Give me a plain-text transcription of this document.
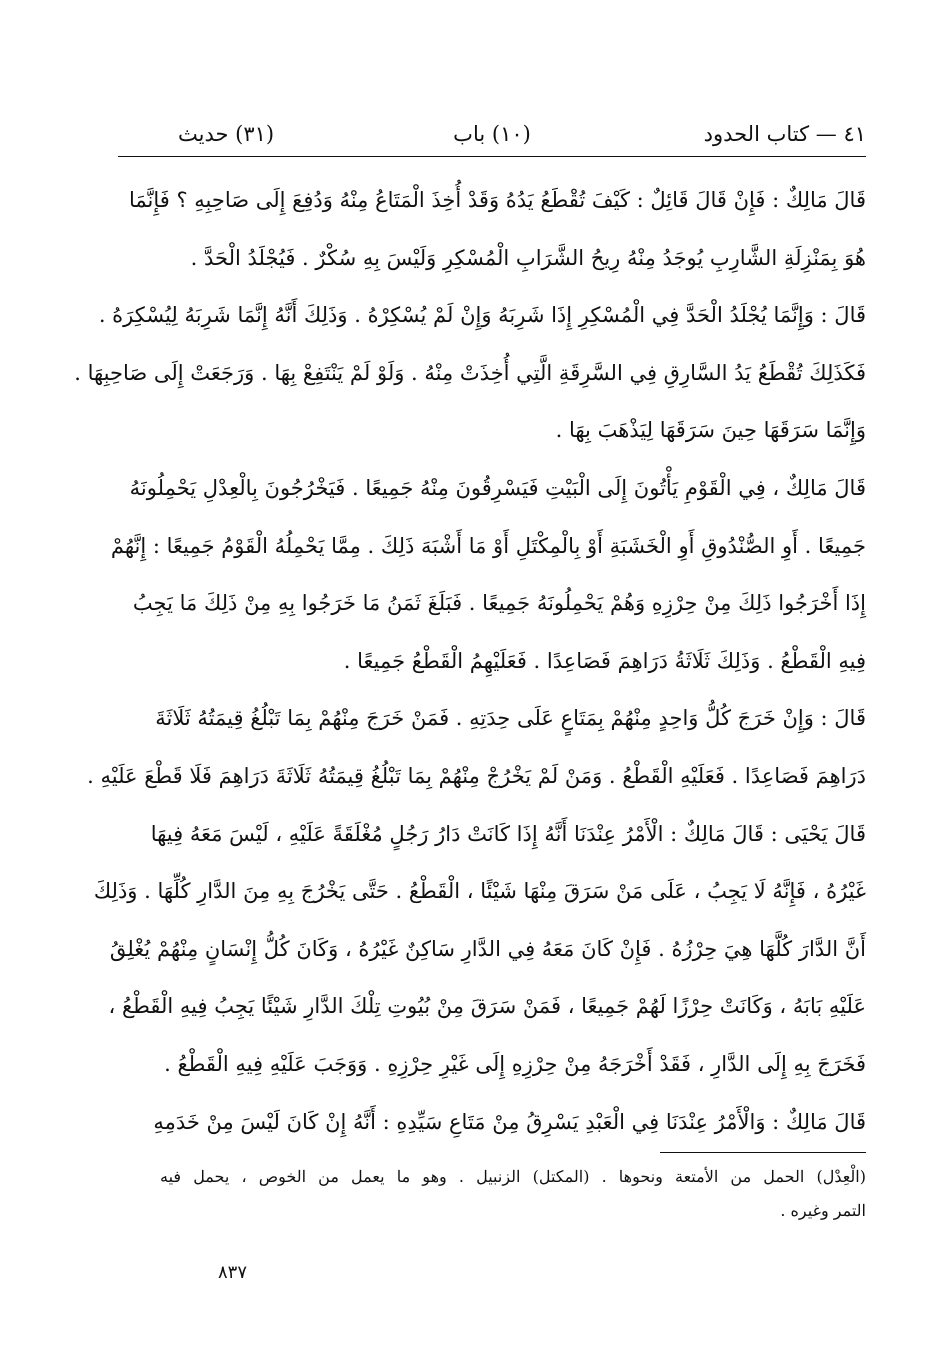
٤١ — كتاب الحدود
(١٠) باب
(٣١) حديث
قَالَ مَالِكٌ : فَإِنْ قَالَ قَائِلٌ : كَيْفَ تُقْطَعُ يَدُهُ وَقَدْ أُخِذَ الْمَتَاعُ مِنْهُ وَدُفِعَ إِلَى صَاحِبِهِ ؟ فَإِنَّمَا
هُوَ بِمَنْزِلَةِ الشَّارِبِ يُوجَدُ مِنْهُ رِيحُ الشَّرَابِ الْمُسْكِرِ وَلَيْسَ بِهِ سُكْرٌ . فَيُجْلَدُ الْحَدَّ .
قَالَ : وَإِنَّمَا يُجْلَدُ الْحَدَّ فِي الْمُسْكِرِ إِذَا شَرِبَهُ وَإِنْ لَمْ يُسْكِرْهُ . وَذَلِكَ أَنَّهُ إِنَّمَا شَرِبَهُ لِيُسْكِرَهُ .
فَكَذَلِكَ تُقْطَعُ يَدُ السَّارِقِ فِي السَّرِقَةِ الَّتِي أُخِذَتْ مِنْهُ . وَلَوْ لَمْ يَنْتَفِعْ بِهَا . وَرَجَعَتْ إِلَى صَاحِبِهَا .
وَإِنَّمَا سَرَقَهَا حِينَ سَرَقَهَا لِيَذْهَبَ بِهَا .
قَالَ مَالِكٌ ، فِي الْقَوْمِ يَأْتُونَ إِلَى الْبَيْتِ فَيَسْرِقُونَ مِنْهُ جَمِيعًا . فَيَخْرُجُونَ بِالْعِدْلِ يَحْمِلُونَهُ
جَمِيعًا . أَوِ الصُّنْدُوقِ أَوِ الْخَشَبَةِ أَوْ بِالْمِكْتَلِ أَوْ مَا أَشْبَهَ ذَلِكَ . مِمَّا يَحْمِلُهُ الْقَوْمُ جَمِيعًا : إِنَّهُمْ
إِذَا أَخْرَجُوا ذَلِكَ مِنْ حِرْزِهِ وَهُمْ يَحْمِلُونَهُ جَمِيعًا . فَبَلَغَ ثَمَنُ مَا خَرَجُوا بِهِ مِنْ ذَلِكَ مَا يَجِبُ
فِيهِ الْقَطْعُ . وَذَلِكَ ثَلَاثَةُ دَرَاهِمَ فَصَاعِدًا . فَعَلَيْهِمُ الْقَطْعُ جَمِيعًا .
قَالَ : وَإِنْ خَرَجَ كُلُّ وَاحِدٍ مِنْهُمْ بِمَتَاعٍ عَلَى حِدَتِهِ . فَمَنْ خَرَجَ مِنْهُمْ بِمَا تَبْلُغُ قِيمَتُهُ ثَلَاثَةَ
دَرَاهِمَ فَصَاعِدًا . فَعَلَيْهِ الْقَطْعُ . وَمَنْ لَمْ يَخْرُجْ مِنْهُمْ بِمَا تَبْلُغُ قِيمَتُهُ ثَلَاثَةَ دَرَاهِمَ فَلَا قَطْعَ عَلَيْهِ .
قَالَ يَحْيَى : قَالَ مَالِكٌ : الْأَمْرُ عِنْدَنَا أَنَّهُ إِذَا كَانَتْ دَارُ رَجُلٍ مُغْلَقَةً عَلَيْهِ ، لَيْسَ مَعَهُ فِيهَا
غَيْرُهُ ، فَإِنَّهُ لَا يَجِبُ ، عَلَى مَنْ سَرَقَ مِنْهَا شَيْئًا ، الْقَطْعُ . حَتَّى يَخْرُجَ بِهِ مِنَ الدَّارِ كُلِّهَا . وَذَلِكَ
أَنَّ الدَّارَ كُلَّهَا هِيَ حِرْزُهُ . فَإِنْ كَانَ مَعَهُ فِي الدَّارِ سَاكِنٌ غَيْرُهُ ، وَكَانَ كُلُّ إِنْسَانٍ مِنْهُمْ يُغْلِقُ
عَلَيْهِ بَابَهُ ، وَكَانَتْ حِرْزًا لَهُمْ جَمِيعًا ، فَمَنْ سَرَقَ مِنْ بُيُوتِ تِلْكَ الدَّارِ شَيْئًا يَجِبُ فِيهِ الْقَطْعُ ،
فَخَرَجَ بِهِ إِلَى الدَّارِ ، فَقَدْ أَخْرَجَهُ مِنْ حِرْزِهِ إِلَى غَيْرِ حِرْزِهِ . وَوَجَبَ عَلَيْهِ فِيهِ الْقَطْعُ .
قَالَ مَالِكٌ : وَالْأَمْرُ عِنْدَنَا فِي الْعَبْدِ يَسْرِقُ مِنْ مَتَاعِ سَيِّدِهِ : أَنَّهُ إِنْ كَانَ لَيْسَ مِنْ خَدَمِهِ
(الْعِدْل) الحمل من الأمتعة ونحوها . (المكتل) الزنبيل . وهو ما يعمل من الخوص ، يحمل فيه
التمر وغيره .
٨٣٧
